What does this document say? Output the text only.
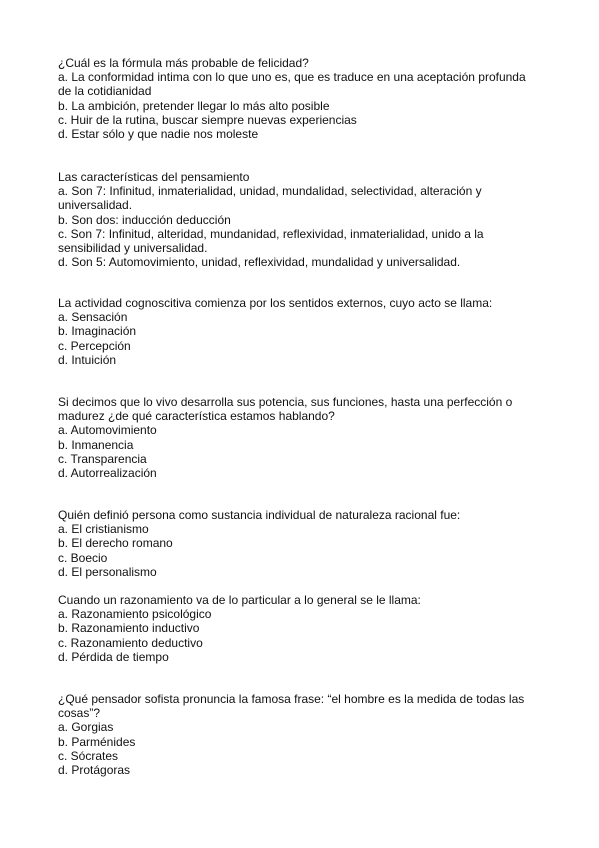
¿Cuál es la fórmula más probable de felicidad?
a. La conformidad intima con lo que uno es, que es traduce en una aceptación profunda
de la cotidianidad
b. La ambición, pretender llegar lo más alto posible
c. Huir de la rutina, buscar siempre nuevas experiencias
d. Estar sólo y que nadie nos moleste
Las características del pensamiento
a. Son 7: Infinitud, inmaterialidad, unidad, mundalidad, selectividad, alteración y
universalidad.
b. Son dos: inducción deducción
c. Son 7: Infinitud, alteridad, mundanidad, reflexividad, inmaterialidad, unido a la
sensibilidad y universalidad.
d. Son 5: Automovimiento, unidad, reflexividad, mundalidad y universalidad.
La actividad cognoscitiva comienza por los sentidos externos, cuyo acto se llama:
a. Sensación
b. Imaginación
c. Percepción
d. Intuición
Si decimos que lo vivo desarrolla sus potencia, sus funciones, hasta una perfección o
madurez ¿de qué característica estamos hablando?
a. Automovimiento
b. Inmanencia
c. Transparencia
d. Autorrealización
Quién definió persona como sustancia individual de naturaleza racional fue:
a. El cristianismo
b. El derecho romano
c. Boecio
d. El personalismo
Cuando un razonamiento va de lo particular a lo general se le llama:
a. Razonamiento psicológico
b. Razonamiento inductivo
c. Razonamiento deductivo
d. Pérdida de tiempo
¿Qué pensador sofista pronuncia la famosa frase: “el hombre es la medida de todas las
cosas”?
a. Gorgias
b. Parménides
c. Sócrates
d. Protágoras
